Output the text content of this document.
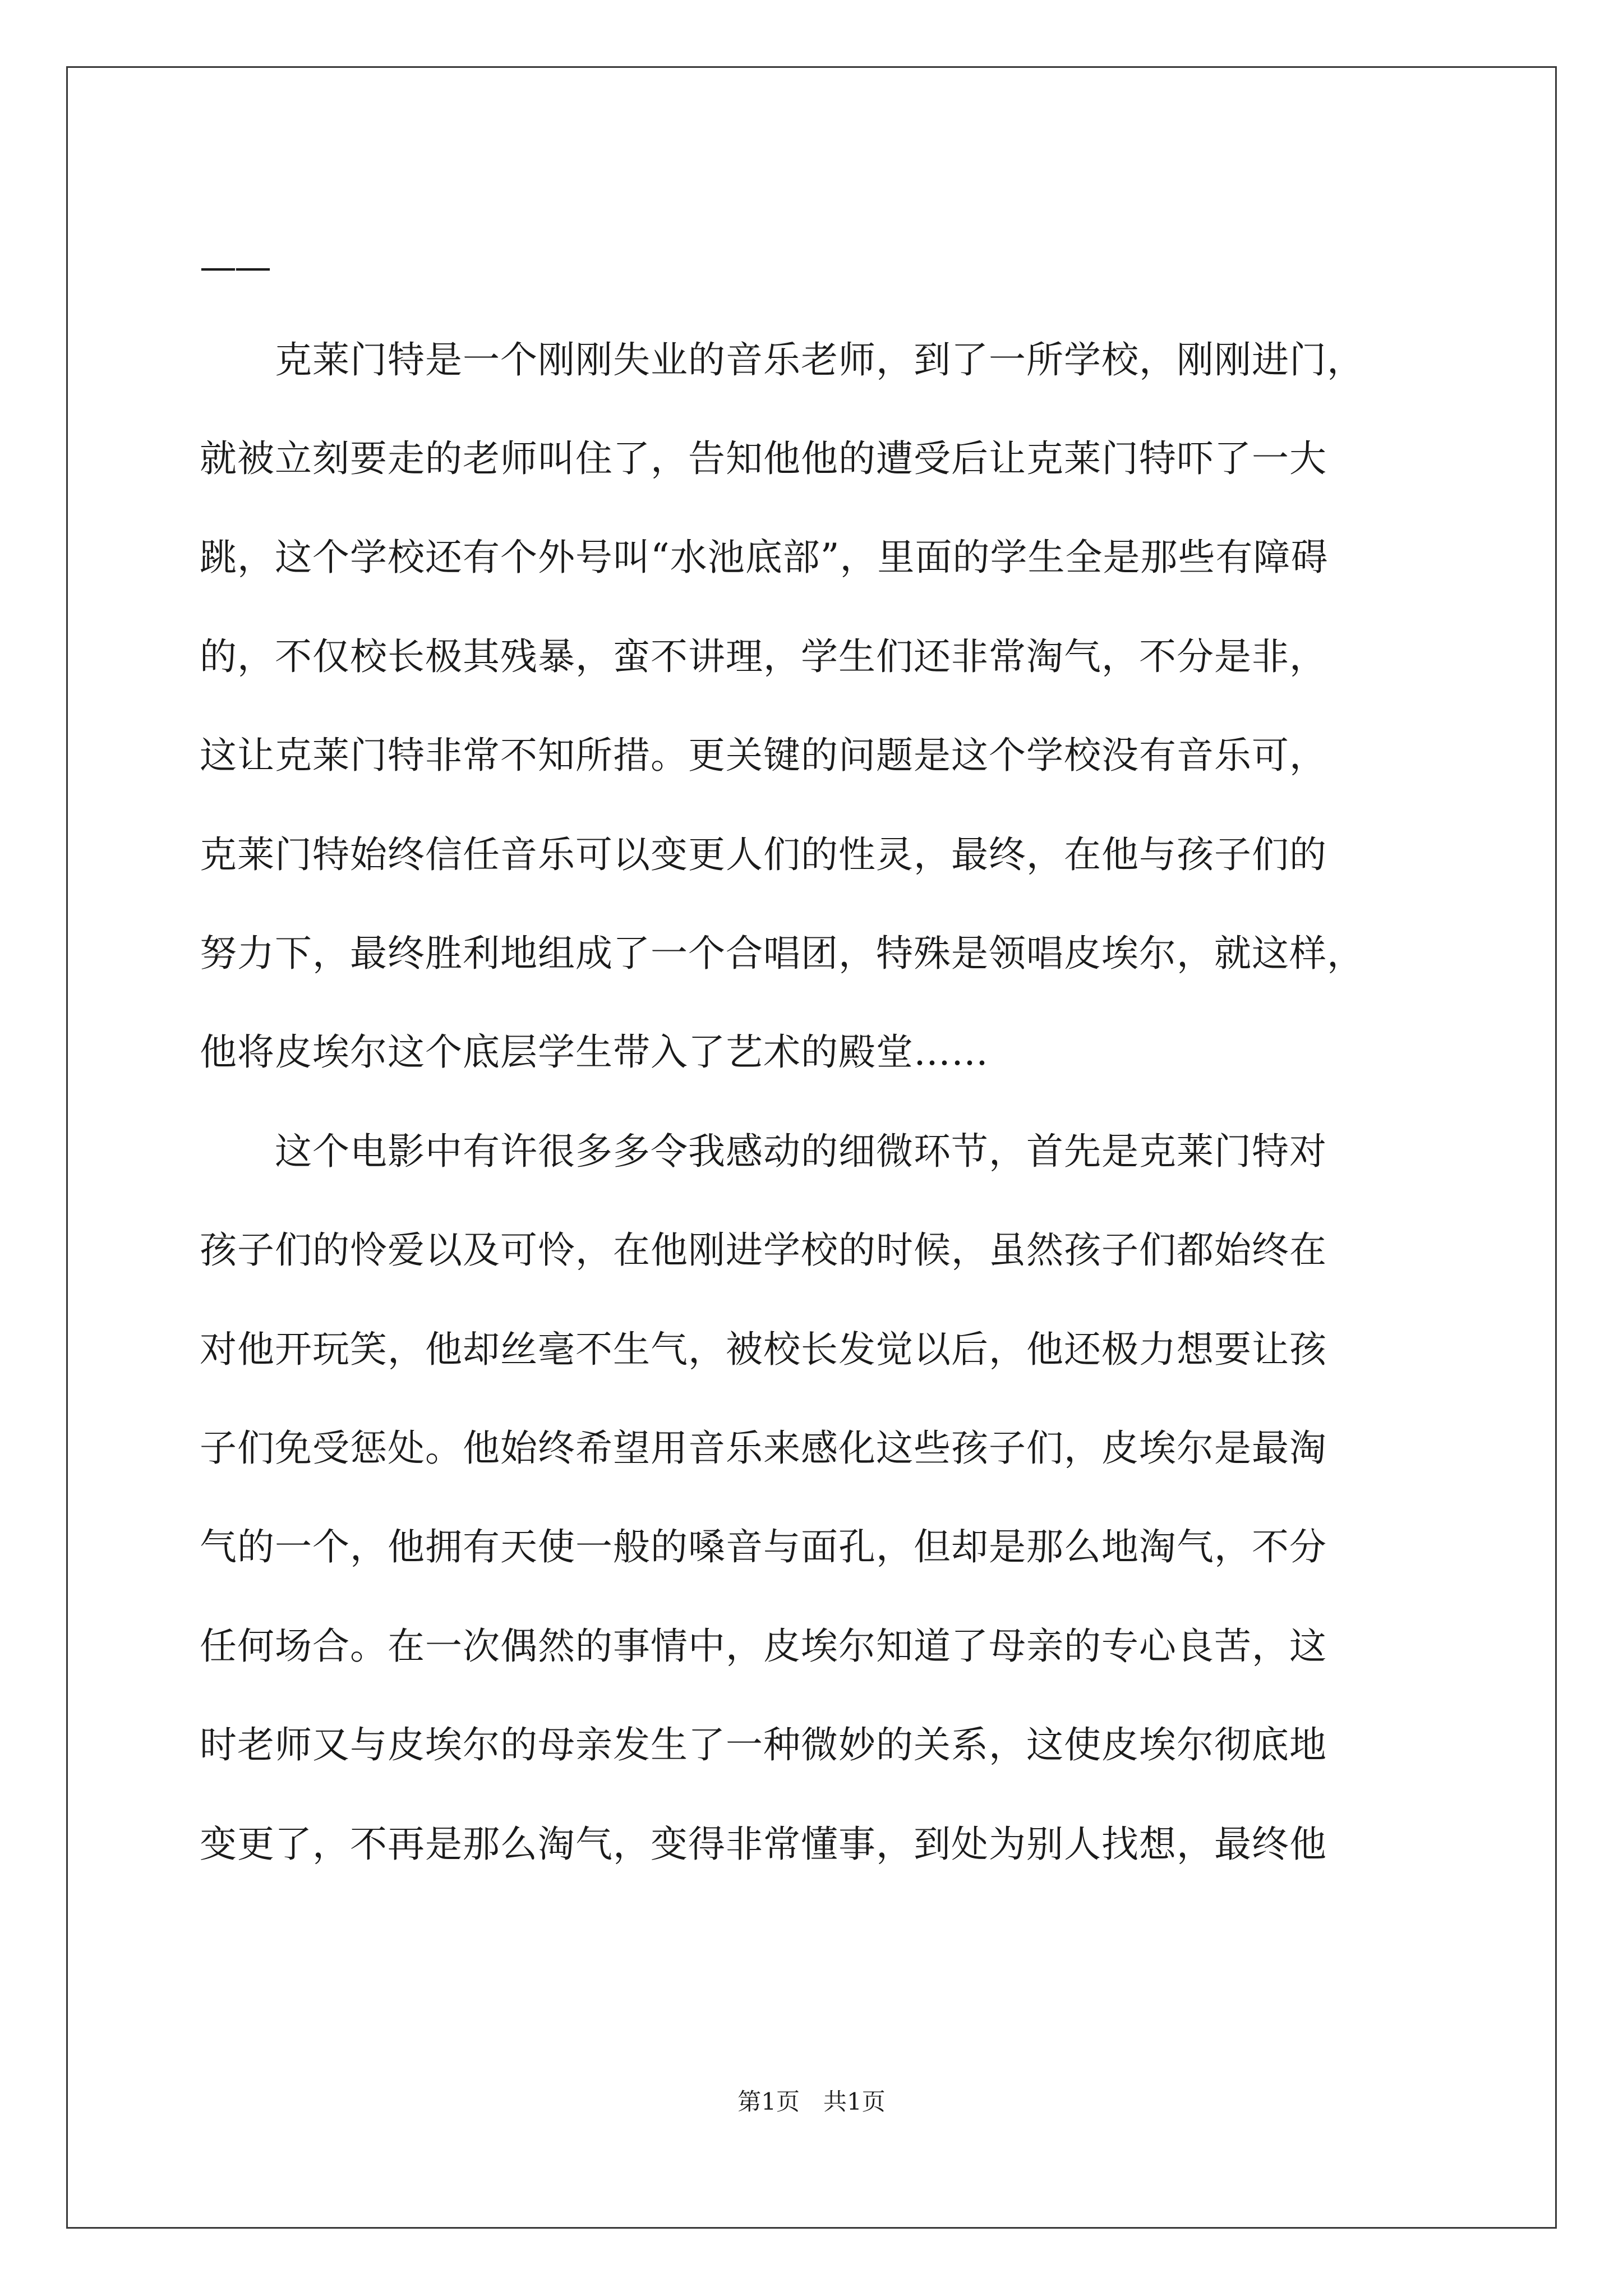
——

　　克莱门特是一个刚刚失业的音乐老师，到了一所学校，刚刚进门，

就被立刻要走的老师叫住了，告知他他的遭受后让克莱门特吓了一大

跳，这个学校还有个外号叫“水池底部”，里面的学生全是那些有障碍

的，不仅校长极其残暴，蛮不讲理，学生们还非常淘气，不分是非，

这让克莱门特非常不知所措。更关键的问题是这个学校没有音乐可，

克莱门特始终信任音乐可以变更人们的性灵，最终，在他与孩子们的

努力下，最终胜利地组成了一个合唱团，特殊是领唱皮埃尔，就这样，

他将皮埃尔这个底层学生带入了艺术的殿堂……

　　这个电影中有许很多多令我感动的细微环节，首先是克莱门特对

孩子们的怜爱以及可怜，在他刚进学校的时候，虽然孩子们都始终在

对他开玩笑，他却丝毫不生气，被校长发觉以后，他还极力想要让孩

子们免受惩处。他始终希望用音乐来感化这些孩子们，皮埃尔是最淘

气的一个，他拥有天使一般的嗓音与面孔，但却是那么地淘气，不分

任何场合。在一次偶然的事情中，皮埃尔知道了母亲的专心良苦，这

时老师又与皮埃尔的母亲发生了一种微妙的关系，这使皮埃尔彻底地

变更了，不再是那么淘气，变得非常懂事，到处为别人找想，最终他

第1页　共1页
